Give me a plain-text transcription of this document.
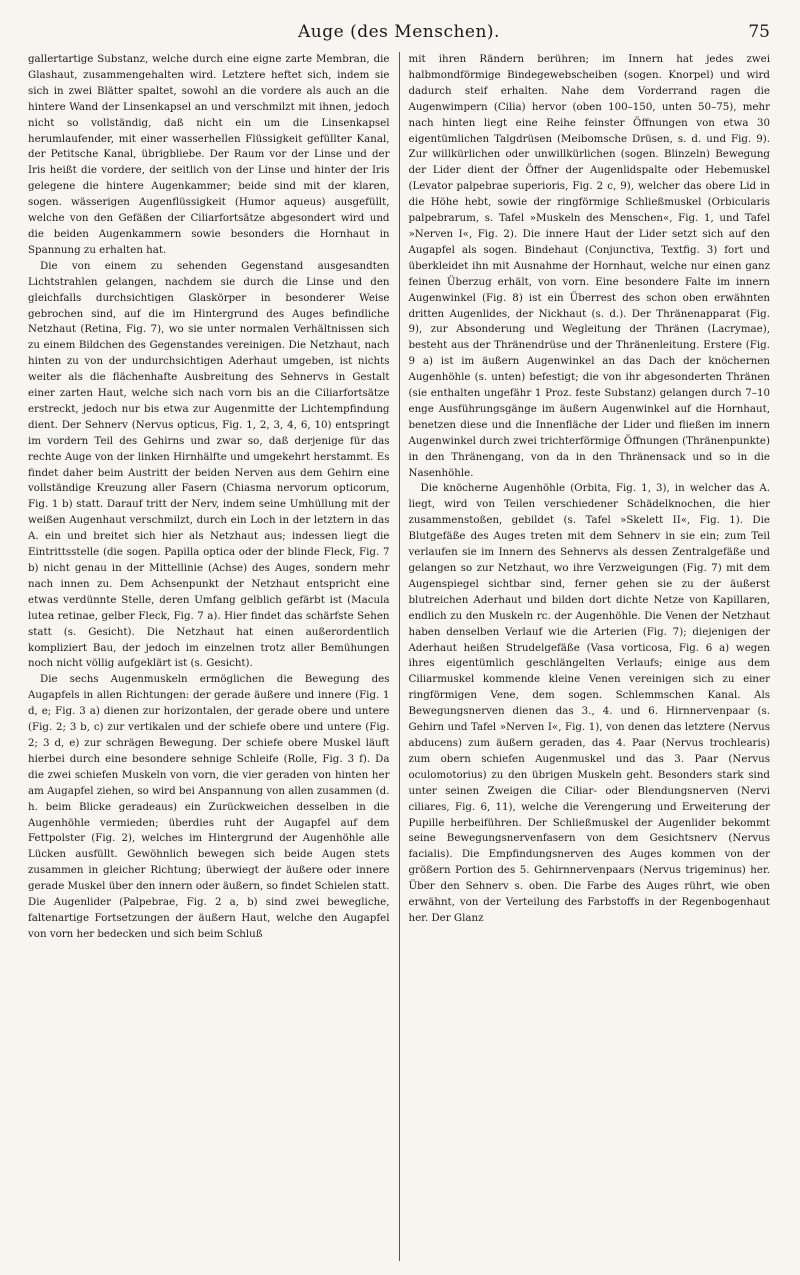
Auge (des Menschen).	75

gallertartige Substanz, welche durch eine eigne zarte Membran, die Glashaut, zusammengehalten wird. Letztere heftet sich, indem sie sich in zwei Blätter spaltet, sowohl an die vordere als auch an die hintere Wand der Linsenkapsel an und verschmilzt mit ihnen, jedoch nicht so vollständig, daß nicht ein um die Linsenkapsel herumlaufender, mit einer wasserhellen Flüssigkeit gefüllter Kanal, der Petitsche Kanal, übrigbliebe. Der Raum vor der Linse und der Iris heißt die vordere, der seitlich von der Linse und hinter der Iris gelegene die hintere Augenkammer; beide sind mit der klaren, sogen. wässerigen Augenflüssigkeit (Humor aqueus) ausgefüllt, welche von den Gefäßen der Ciliarfortsätze abgesondert wird und die beiden Augenkammern sowie besonders die Hornhaut in Spannung zu erhalten hat.

Die von einem zu sehenden Gegenstand ausgesandten Lichtstrahlen gelangen, nachdem sie durch die Linse und den gleichfalls durchsichtigen Glaskörper in besonderer Weise gebrochen sind, auf die im Hintergrund des Auges befindliche Netzhaut (Retina, Fig. 7), wo sie unter normalen Verhältnissen sich zu einem Bildchen des Gegenstandes vereinigen. Die Netzhaut, nach hinten zu von der undurchsichtigen Aderhaut umgeben, ist nichts weiter als die flächenhafte Ausbreitung des Sehnervs in Gestalt einer zarten Haut, welche sich nach vorn bis an die Ciliarfortsätze erstreckt, jedoch nur bis etwa zur Augenmitte der Lichtempfindung dient. Der Sehnerv (Nervus opticus, Fig. 1, 2, 3, 4, 6, 10) entspringt im vordern Teil des Gehirns und zwar so, daß derjenige für das rechte Auge von der linken Hirnhälfte und umgekehrt herstammt. Es findet daher beim Austritt der beiden Nerven aus dem Gehirn eine vollständige Kreuzung aller Fasern (Chiasma nervorum opticorum, Fig. 1 b) statt. Darauf tritt der Nerv, indem seine Umhüllung mit der weißen Augenhaut verschmilzt, durch ein Loch in der letztern in das A. ein und breitet sich hier als Netzhaut aus; indessen liegt die Eintrittsstelle (die sogen. Papilla optica oder der blinde Fleck, Fig. 7 b) nicht genau in der Mittellinie (Achse) des Auges, sondern mehr nach innen zu. Dem Achsenpunkt der Netzhaut entspricht eine etwas verdünnte Stelle, deren Umfang gelblich gefärbt ist (Macula lutea retinae, gelber Fleck, Fig. 7 a). Hier findet das schärfste Sehen statt (s. Gesicht). Die Netzhaut hat einen außerordentlich kompliziert Bau, der jedoch im einzelnen trotz aller Bemühungen noch nicht völlig aufgeklärt ist (s. Gesicht).

Die sechs Augenmuskeln ermöglichen die Bewegung des Augapfels in allen Richtungen: der gerade äußere und innere (Fig. 1 d, e; Fig. 3 a) dienen zur horizontalen, der gerade obere und untere (Fig. 2; 3 b, c) zur vertikalen und der schiefe obere und untere (Fig. 2; 3 d, e) zur schrägen Bewegung. Der schiefe obere Muskel läuft hierbei durch eine besondere sehnige Schleife (Rolle, Fig. 3 f). Da die zwei schiefen Muskeln von vorn, die vier geraden von hinten her am Augapfel ziehen, so wird bei Anspannung von allen zusammen (d. h. beim Blicke geradeaus) ein Zurückweichen desselben in die Augenhöhle vermieden; überdies ruht der Augapfel auf dem Fettpolster (Fig. 2), welches im Hintergrund der Augenhöhle alle Lücken ausfüllt. Gewöhnlich bewegen sich beide Augen stets zusammen in gleicher Richtung; überwiegt der äußere oder innere gerade Muskel über den innern oder äußern, so findet Schielen statt. Die Augenlider (Palpebrae, Fig. 2 a, b) sind zwei bewegliche, faltenartige Fortsetzungen der äußern Haut, welche den Augapfel von vorn her bedecken und sich beim Schluß

mit ihren Rändern berühren; im Innern hat jedes zwei halbmondförmige Bindegewebscheiben (sogen. Knorpel) und wird dadurch steif erhalten. Nahe dem Vorderrand ragen die Augenwimpern (Cilia) hervor (oben 100–150, unten 50–75), mehr nach hinten liegt eine Reihe feinster Öffnungen von etwa 30 eigentümlichen Talgdrüsen (Meibomsche Drüsen, s. d. und Fig. 9). Zur willkürlichen oder unwillkürlichen (sogen. Blinzeln) Bewegung der Lider dient der Öffner der Augenlidspalte oder Hebemuskel (Levator palpebrae superioris, Fig. 2 c, 9), welcher das obere Lid in die Höhe hebt, sowie der ringförmige Schließmuskel (Orbicularis palpebrarum, s. Tafel »Muskeln des Menschen«, Fig. 1, und Tafel »Nerven I«, Fig. 2). Die innere Haut der Lider setzt sich auf den Augapfel als sogen. Bindehaut (Conjunctiva, Textfig. 3) fort und überkleidet ihn mit Ausnahme der Hornhaut, welche nur einen ganz feinen Überzug erhält, von vorn. Eine besondere Falte im innern Augenwinkel (Fig. 8) ist ein Überrest des schon oben erwähnten dritten Augenlides, der Nickhaut (s. d.). Der Thränenapparat (Fig. 9), zur Absonderung und Wegleitung der Thränen (Lacrymae), besteht aus der Thränendrüse und der Thränenleitung. Erstere (Fig. 9 a) ist im äußern Augenwinkel an das Dach der knöchernen Augenhöhle (s. unten) befestigt; die von ihr abgesonderten Thränen (sie enthalten ungefähr 1 Proz. feste Substanz) gelangen durch 7–10 enge Ausführungsgänge im äußern Augenwinkel auf die Hornhaut, benetzen diese und die Innenfläche der Lider und fließen im innern Augenwinkel durch zwei trichterförmige Öffnungen (Thränenpunkte) in den Thränengang, von da in den Thränensack und so in die Nasenhöhle.

Die knöcherne Augenhöhle (Orbita, Fig. 1, 3), in welcher das A. liegt, wird von Teilen verschiedener Schädelknochen, die hier zusammenstoßen, gebildet (s. Tafel »Skelett II«, Fig. 1). Die Blutgefäße des Auges treten mit dem Sehnerv in sie ein; zum Teil verlaufen sie im Innern des Sehnervs als dessen Zentralgefäße und gelangen so zur Netzhaut, wo ihre Verzweigungen (Fig. 7) mit dem Augenspiegel sichtbar sind, ferner gehen sie zu der äußerst blutreichen Aderhaut und bilden dort dichte Netze von Kapillaren, endlich zu den Muskeln rc. der Augenhöhle. Die Venen der Netzhaut haben denselben Verlauf wie die Arterien (Fig. 7); diejenigen der Aderhaut heißen Strudelgefäße (Vasa vorticosa, Fig. 6 a) wegen ihres eigentümlich geschlängelten Verlaufs; einige aus dem Ciliarmuskel kommende kleine Venen vereinigen sich zu einer ringförmigen Vene, dem sogen. Schlemmschen Kanal. Als Bewegungsnerven dienen das 3., 4. und 6. Hirnnervenpaar (s. Gehirn und Tafel »Nerven I«, Fig. 1), von denen das letztere (Nervus abducens) zum äußern geraden, das 4. Paar (Nervus trochlearis) zum obern schiefen Augenmuskel und das 3. Paar (Nervus oculomotorius) zu den übrigen Muskeln geht. Besonders stark sind unter seinen Zweigen die Ciliar- oder Blendungsnerven (Nervi ciliares, Fig. 6, 11), welche die Verengerung und Erweiterung der Pupille herbeiführen. Der Schließmuskel der Augenlider bekommt seine Bewegungsnervenfasern von dem Gesichtsnerv (Nervus facialis). Die Empfindungsnerven des Auges kommen von der größern Portion des 5. Gehirnnervenpaars (Nervus trigeminus) her. Über den Sehnerv s. oben. Die Farbe des Auges rührt, wie oben erwähnt, von der Verteilung des Farbstoffs in der Regenbogenhaut her. Der Glanz
